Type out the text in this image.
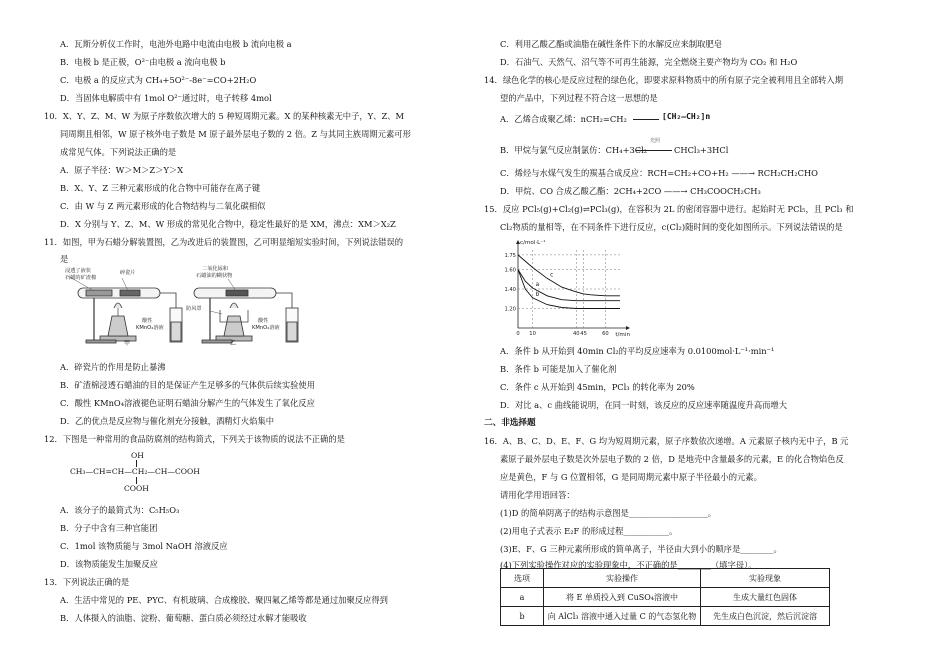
A．瓦斯分析仪工作时，电池外电路中电流由电极 b 流向电极 a
B．电极 b 是正极，O²⁻由电极 a 流向电极 b
C．电极 a 的反应式为 CH₄+5O²⁻-8e⁻=CO+2H₂O
D．当固体电解质中有 1mol O²⁻通过时，电子转移 4mol
10．X、Y、Z、M、W 为原子序数依次增大的 5 种短周期元素。X 的某种核素无中子，Y、Z、M
同周期且相邻，W 原子核外电子数是 M 原子最外层电子数的 2 倍。Z 与其同主族周期元素可形
成常见气体。下列说法正确的是
A．原子半径：W＞M＞Z＞Y＞X
B．X、Y、Z 三种元素形成的化合物中可能存在离子键
C．由 W 与 Z 两元素形成的化合物结构与二氧化碳相似
D．X 分别与 Y、Z、M、W 形成的常见化合物中，稳定性最好的是 XM，沸点：XM＞X₂Z
11．如图，甲为石蜡分解装置图，乙为改进后的装置图，乙可明显缩短实验时间，下列说法错误的
是
浸透了液状
石蜡的矿渣棉
碎瓷片
酸性
KMnO₄溶液
甲
二氧化锰和
石蜡油的糊状物
防风罩
酸性
KMnO₄溶液
乙
A．碎瓷片的作用是防止暴沸
B．矿渣棉浸透石蜡油的目的是保证产生足够多的气体供后续实验使用
C．酸性 KMnO₄溶液褪色证明石蜡油分解产生的气体发生了氧化反应
D．乙的优点是反应物与催化剂充分接触，酒精灯火焰集中
12．下图是一种常用的食品防腐剂的结构简式，下列关于该物质的说法不正确的是
OH
CH₃—CH=CH—CH₂—CH—COOH
COOH
A．该分子的最简式为：C₅H₅O₃
B．分子中含有三种官能团
C．1mol 该物质能与 3mol NaOH 溶液反应
D．该物质能发生加聚反应
13．下列说法正确的是
A．生活中常见的 PE、PYC、有机玻璃、合成橡胶、聚四氟乙烯等都是通过加聚反应得到
B．人体摄入的油脂、淀粉、葡萄糖、蛋白质必须经过水解才能吸收
C．利用乙酸乙酯或油脂在碱性条件下的水解反应来制取肥皂
D．石油气、天然气、沼气等不可再生能源，完全燃烧主要产物均为 CO₂ 和 H₂O
14．绿色化学的核心是反应过程的绿色化，即要求原料物质中的所有原子完全被利用且全部转入期
望的产品中，下列过程不符合这一思想的是
A．乙烯合成聚乙烯：nCH₂=CH₂	[CH₂—CH₂]n
B．甲烷与氯气反应制氯仿：CH₄+3Cl₂
光照
CHCl₃+3HCl
C．烯烃与水煤气发生的羰基合成反应：RCH=CH₂+CO+H₂ ——→ RCH₂CH₂CHO
D．甲烷、CO 合成乙酸乙酯：2CH₄+2CO ——→ CH₃COOCH₂CH₃
15．反应 PCl₅(g)+Cl₂(g)⇌PCl₃(g)，在容积为 2L 的密闭容器中进行。起始时无 PCl₅，且 PCl₃ 和
Cl₂物质的量相等，在不同条件下进行反应，c(Cl₂)随时间的变化如图所示。下列说法错误的是
1.20
1.40
1.60
1.75
0 10	40 45	60
a
b
c
c/mol·L⁻¹
t/min
A．条件 b 从开始到 40min Cl₂的平均反应速率为 0.0100mol·L⁻¹·min⁻¹
B．条件 b 可能是加入了催化剂
C．条件 c 从开始到 45min，PCl₃ 的转化率为 20%
D．对比 a、c 曲线能说明，在同一时刻，该反应的反应速率随温度升高而增大
二、非选择题
16．A、B、C、D、E、F、G 均为短周期元素，原子序数依次递增。A 元素原子核内无中子，B 元
素原子最外层电子数是次外层电子数的 2 倍，D 是地壳中含量最多的元素，E 的化合物焰色反
应是黄色，F 与 G 位置相邻，G 是同周期元素中原子半径最小的元素。
请用化学用语回答：
(1)D 的简单阴离子的结构示意图是___________________。
(2)用电子式表示 E₂F 的形成过程___________。
(3)E、F、G 三种元素所形成的简单离子，半径由大到小的顺序是________。
(4)下列实验操作对应的实验现象中，不正确的是________（填字母）。
选项	实验操作	实验现象
a	将 E 单质投入到 CuSO₄溶液中	生成大量红色固体
b	向 AlCl₃ 溶液中通入过量 C 的气态氢化物	先生成白色沉淀，然后沉淀溶
